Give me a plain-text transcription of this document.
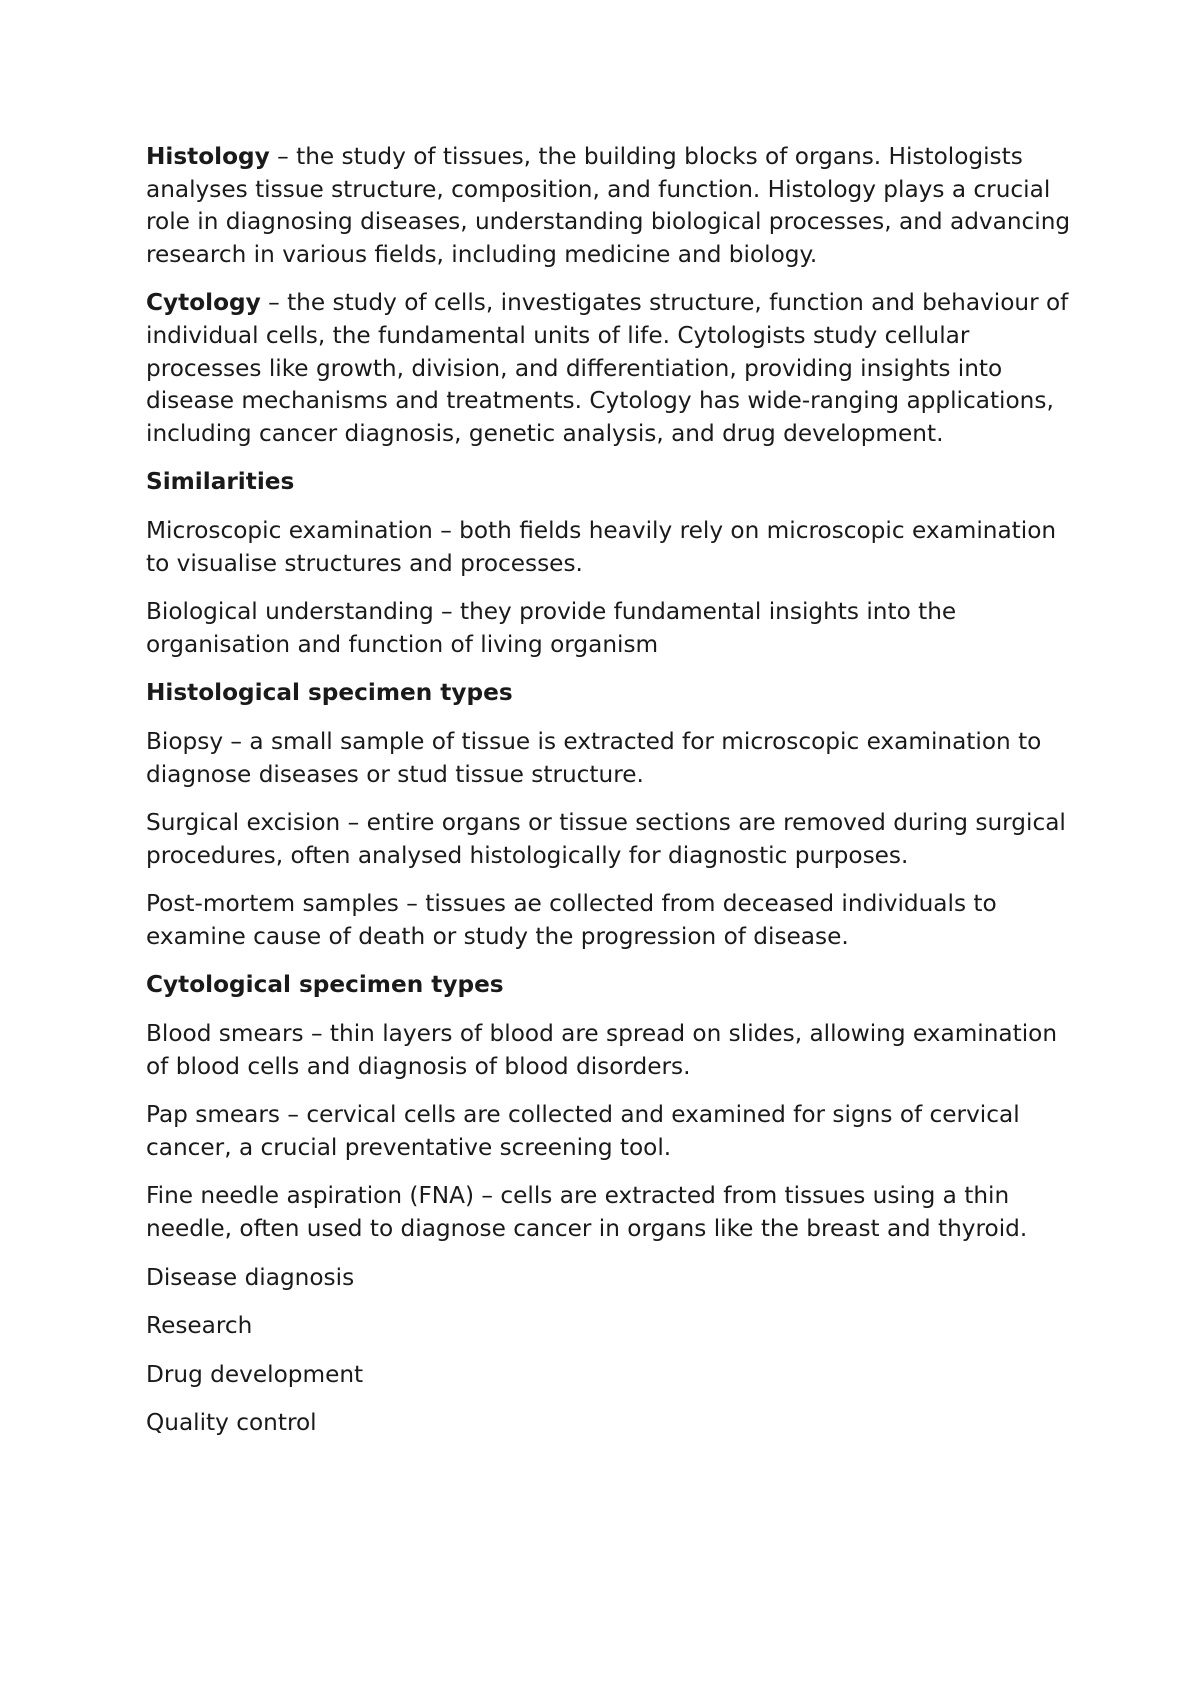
Histology – the study of tissues, the building blocks of organs. Histologists analyses tissue structure, composition, and function. Histology plays a crucial role in diagnosing diseases, understanding biological processes, and advancing research in various fields, including medicine and biology.

Cytology – the study of cells, investigates structure, function and behaviour of individual cells, the fundamental units of life. Cytologists study cellular processes like growth, division, and differentiation, providing insights into disease mechanisms and treatments. Cytology has wide-ranging applications, including cancer diagnosis, genetic analysis, and drug development.

Similarities

Microscopic examination – both fields heavily rely on microscopic examination to visualise structures and processes.

Biological understanding – they provide fundamental insights into the organisation and function of living organism

Histological specimen types

Biopsy – a small sample of tissue is extracted for microscopic examination to diagnose diseases or stud tissue structure.

Surgical excision – entire organs or tissue sections are removed during surgical procedures, often analysed histologically for diagnostic purposes.

Post-mortem samples – tissues ae collected from deceased individuals to examine cause of death or study the progression of disease.

Cytological specimen types

Blood smears – thin layers of blood are spread on slides, allowing examination of blood cells and diagnosis of blood disorders.

Pap smears – cervical cells are collected and examined for signs of cervical cancer, a crucial preventative screening tool.

Fine needle aspiration (FNA) – cells are extracted from tissues using a thin needle, often used to diagnose cancer in organs like the breast and thyroid.

Disease diagnosis

Research

Drug development

Quality control
